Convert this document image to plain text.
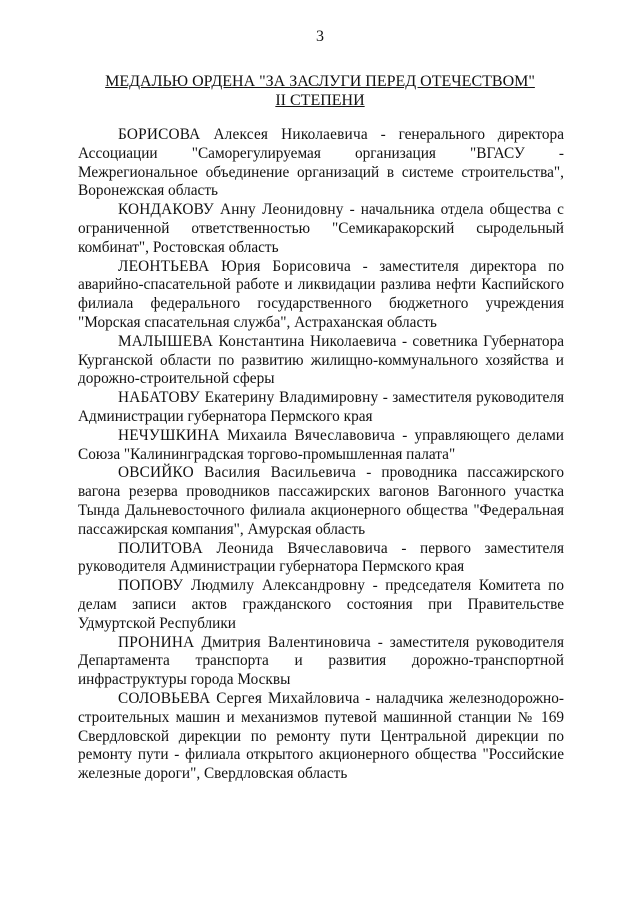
3
МЕДАЛЬЮ ОРДЕНА "ЗА ЗАСЛУГИ ПЕРЕД ОТЕЧЕСТВОМ"
II СТЕПЕНИ

БОРИСОВА Алексея Николаевича - генерального директора Ассоциации "Саморегулируемая организация "ВГАСУ - Межрегиональное объединение организаций в системе строительства", Воронежская область

КОНДАКОВУ Анну Леонидовну - начальника отдела общества с ограниченной ответственностью "Семикаракорский сыродельный комбинат", Ростовская область

ЛЕОНТЬЕВА Юрия Борисовича - заместителя директора по аварийно-спасательной работе и ликвидации разлива нефти Каспийского филиала федерального государственного бюджетного учреждения "Морская спасательная служба", Астраханская область

МАЛЫШЕВА Константина Николаевича - советника Губернатора Курганской области по развитию жилищно-коммунального хозяйства и дорожно-строительной сферы

НАБАТОВУ Екатерину Владимировну - заместителя руководителя Администрации губернатора Пермского края

НЕЧУШКИНА Михаила Вячеславовича - управляющего делами Союза "Калининградская торгово-промышленная палата"

ОВСИЙКО Василия Васильевича - проводника пассажирского вагона резерва проводников пассажирских вагонов Вагонного участка Тында Дальневосточного филиала акционерного общества "Федеральная пассажирская компания", Амурская область

ПОЛИТОВА Леонида Вячеславовича - первого заместителя руководителя Администрации губернатора Пермского края

ПОПОВУ Людмилу Александровну - председателя Комитета по делам записи актов гражданского состояния при Правительстве Удмуртской Республики

ПРОНИНА Дмитрия Валентиновича - заместителя руководителя Департамента транспорта и развития дорожно-транспортной инфраструктуры города Москвы

СОЛОВЬЕВА Сергея Михайловича - наладчика железнодорожно-строительных машин и механизмов путевой машинной станции № 169 Свердловской дирекции по ремонту пути Центральной дирекции по ремонту пути - филиала открытого акционерного общества "Российские железные дороги", Свердловская область
